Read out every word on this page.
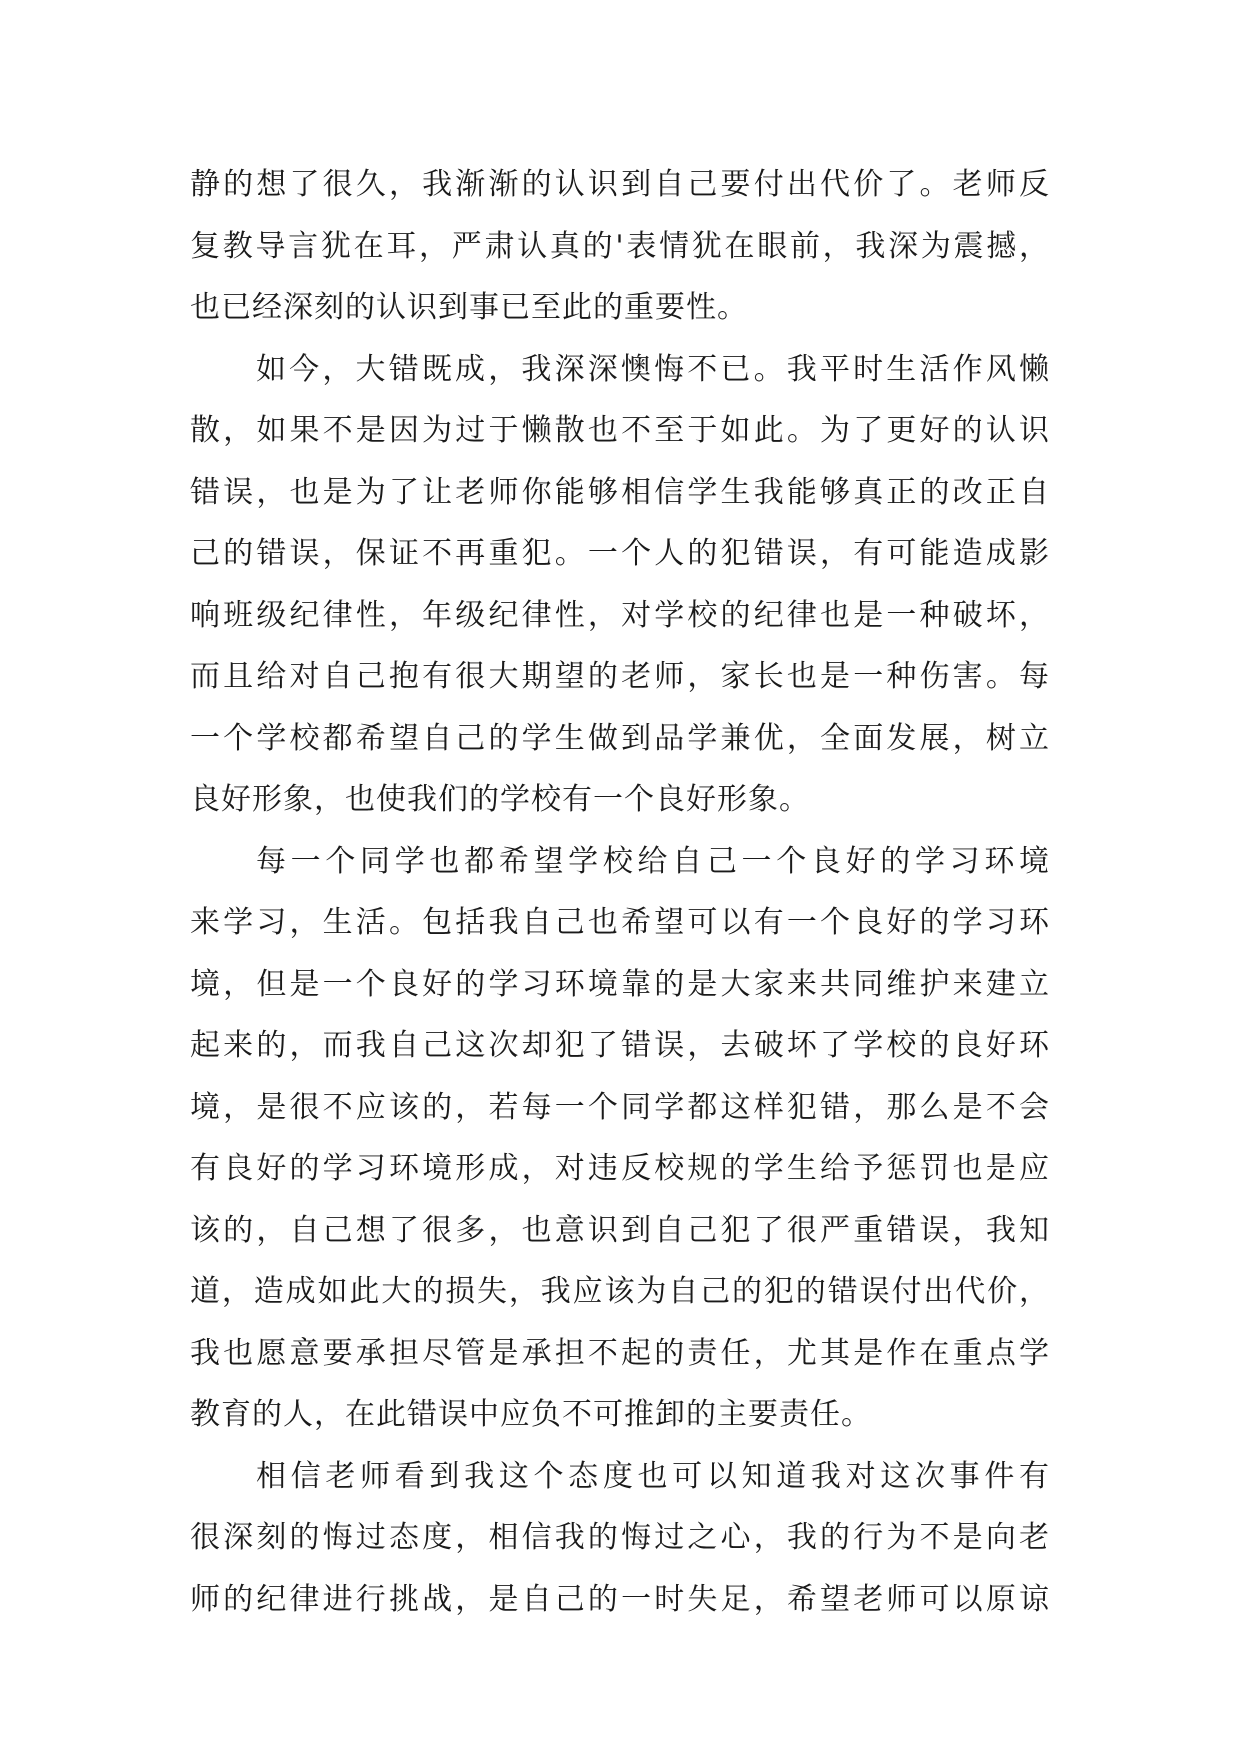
静的想了很久，我渐渐的认识到自己要付出代价了。老师反
复教导言犹在耳，严肃认真的'表情犹在眼前，我深为震撼，
也已经深刻的认识到事已至此的重要性。
如今，大错既成，我深深懊悔不已。我平时生活作风懒
散，如果不是因为过于懒散也不至于如此。为了更好的认识
错误，也是为了让老师你能够相信学生我能够真正的改正自
己的错误，保证不再重犯。一个人的犯错误，有可能造成影
响班级纪律性，年级纪律性，对学校的纪律也是一种破坏，
而且给对自己抱有很大期望的老师，家长也是一种伤害。每
一个学校都希望自己的学生做到品学兼优，全面发展，树立
良好形象，也使我们的学校有一个良好形象。
每一个同学也都希望学校给自己一个良好的学习环境
来学习，生活。包括我自己也希望可以有一个良好的学习环
境，但是一个良好的学习环境靠的是大家来共同维护来建立
起来的，而我自己这次却犯了错误，去破坏了学校的良好环
境，是很不应该的，若每一个同学都这样犯错，那么是不会
有良好的学习环境形成，对违反校规的学生给予惩罚也是应
该的，自己想了很多，也意识到自己犯了很严重错误，我知
道，造成如此大的损失，我应该为自己的犯的错误付出代价，
我也愿意要承担尽管是承担不起的责任，尤其是作在重点学
教育的人，在此错误中应负不可推卸的主要责任。
相信老师看到我这个态度也可以知道我对这次事件有
很深刻的悔过态度，相信我的悔过之心，我的行为不是向老
师的纪律进行挑战，是自己的一时失足，希望老师可以原谅
